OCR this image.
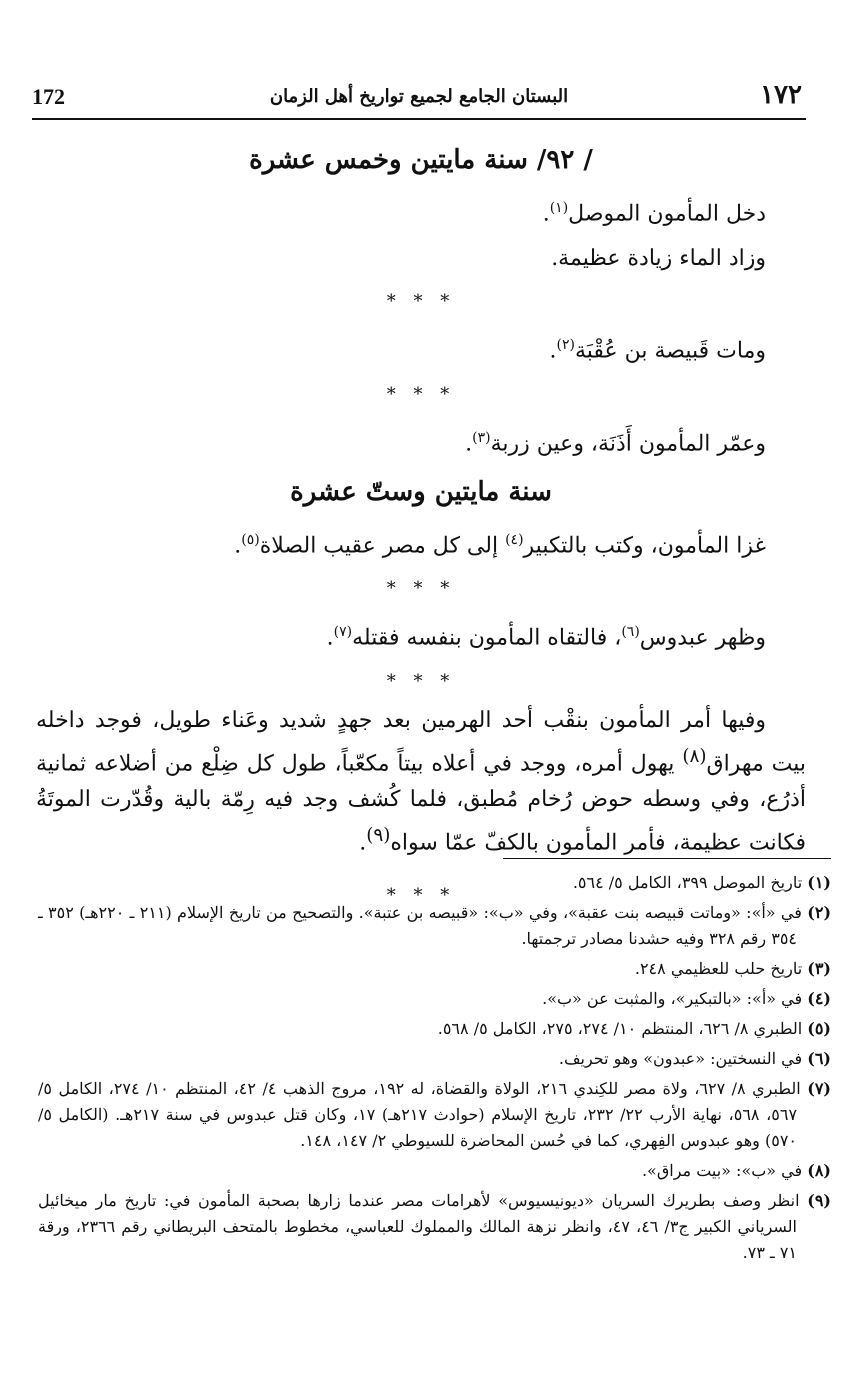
172	البستان الجامع لجميع تواريخ أهل الزمان	١٧٢

/ ٩٢/ سنة مايتين وخمس عشرة

دخل المأمون الموصل$^{(١)}$.

وزاد الماء زيادة عظيمة.

* * *

ومات قَبيصة بن عُقْبَة$^{(٢)}$.

* * *

وعمّر المأمون أَذَنَة، وعين زربة$^{(٣)}$.

سنة مايتين وستّ عشرة

غزا المأمون، وكتب بالتكبير$^{(٤)}$ إلى كل مصر عقيب الصلاة$^{(٥)}$.

* * *

وظهر عبدوس$^{(٦)}$، فالتقاه المأمون بنفسه فقتله$^{(٧)}$.

* * *

وفيها أمر المأمون بنقْب أحد الهرمين بعد جهدٍ شديد وعَناء طويل، فوجد داخله بيت مهراق$^{(٨)}$ يهول أمره، ووجد في أعلاه بيتاً مكعّباً، طول كل ضِلْع من أضلاعه ثمانية أذرُع، وفي وسطه حوض رُخام مُطبق، فلما كُشف وجد فيه رِمّة بالية وقُدّرت الموتَةُ فكانت عظيمة، فأمر المأمون بالكفّ عمّا سواه$^{(٩)}$.

* * *

(١) تاريخ الموصل ٣٩٩، الكامل ٥/ ٥٦٤.

(٢) في «أ»: «وماتت قبيصه بنت عقبة»، وفي «ب»: «قبيصه بن عتبة». والتصحيح من تاريخ الإسلام (٢١١ ـ ٢٢٠هـ) ٣٥٢ ـ ٣٥٤ رقم ٣٢٨ وفيه حشدنا مصادر ترجمتها.

(٣) تاريخ حلب للعظيمي ٢٤٨.

(٤) في «أ»: «بالتبكير»، والمثبت عن «ب».

(٥) الطبري ٨/ ٦٢٦، المنتظم ١٠/ ٢٧٤، ٢٧٥، الكامل ٥/ ٥٦٨.

(٦) في النسختين: «عبدون» وهو تحريف.

(٧) الطبري ٨/ ٦٢٧، ولاة مصر للكِندي ٢١٦، الولاة والقضاة، له ١٩٢، مروج الذهب ٤/ ٤٢، المنتظم ١٠/ ٢٧٤، الكامل ٥/ ٥٦٧، ٥٦٨، نهاية الأرب ٢٢/ ٢٣٢، تاريخ الإسلام (حوادث ٢١٧هـ) ١٧، وكان قتل عبدوس في سنة ٢١٧هـ. (الكامل ٥/ ٥٧٠) وهو عبدوس الفِهري، كما في حُسن المحاضرة للسيوطي ٢/ ١٤٧، ١٤٨.

(٨) في «ب»: «بيت مراق».

(٩) انظر وصف بطريرك السريان «ديونيسيوس» لأهرامات مصر عندما زارها بصحبة المأمون في: تاريخ مار ميخائيل السرياني الكبير ج٣/ ٤٦، ٤٧، وانظر نزهة المالك والمملوك للعباسي، مخطوط بالمتحف البريطاني رقم ٢٣٦٦، ورقة ٧١ ـ ٧٣.
